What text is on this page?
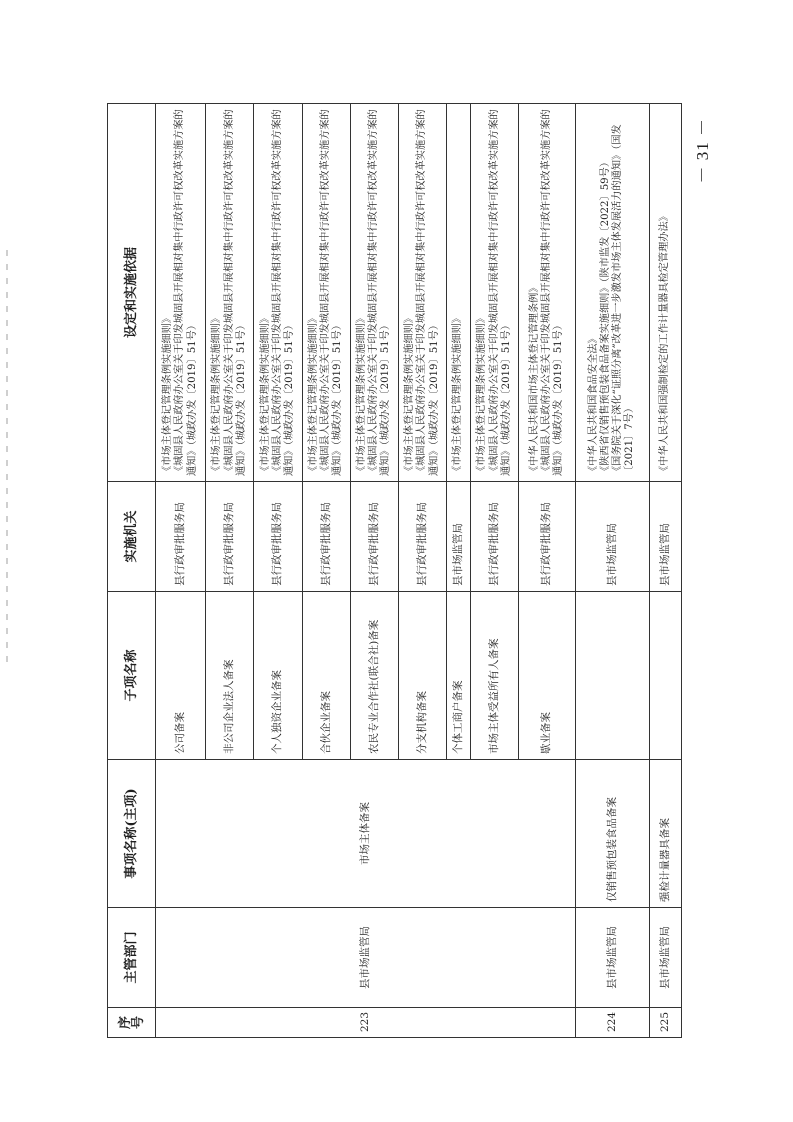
－ 31 －
序号	主管部门	事项名称(主项)	子项名称	实施机关	设定和实施依据
223	县市场监管局	市场主体备案	公司备案	县行政审批服务局	《市场主体登记管理条例实施细则》
《城固县人民政府办公室关于印发城固县开展相对集中行政许可权改革实施方案的通知》（城政办发〔2019〕51号）
			非公司企业法人备案	县行政审批服务局	《市场主体登记管理条例实施细则》
《城固县人民政府办公室关于印发城固县开展相对集中行政许可权改革实施方案的通知》（城政办发〔2019〕51号）
			个人独资企业备案	县行政审批服务局	《市场主体登记管理条例实施细则》
《城固县人民政府办公室关于印发城固县开展相对集中行政许可权改革实施方案的通知》（城政办发〔2019〕51号）
			合伙企业备案	县行政审批服务局	《市场主体登记管理条例实施细则》
《城固县人民政府办公室关于印发城固县开展相对集中行政许可权改革实施方案的通知》（城政办发〔2019〕51号）
			农民专业合作社(联合社)备案	县行政审批服务局	《市场主体登记管理条例实施细则》
《城固县人民政府办公室关于印发城固县开展相对集中行政许可权改革实施方案的通知》（城政办发〔2019〕51号）
			分支机构备案	县行政审批服务局	《市场主体登记管理条例实施细则》
《城固县人民政府办公室关于印发城固县开展相对集中行政许可权改革实施方案的通知》（城政办发〔2019〕51号）
			个体工商户备案	县市场监管局	《市场主体登记管理条例实施细则》
			市场主体受益所有人备案	县行政审批服务局	《市场主体登记管理条例实施细则》
《城固县人民政府办公室关于印发城固县开展相对集中行政许可权改革实施方案的通知》（城政办发〔2019〕51号）
			歇业备案	县行政审批服务局	《中华人民共和国市场主体登记管理条例》
《城固县人民政府办公室关于印发城固县开展相对集中行政许可权改革实施方案的通知》（城政办发〔2019〕51号）
224	县市场监管局	仅销售预包装食品备案		县市场监管局	《中华人民共和国食品安全法》
《陕西省仅销售预包装食品备案实施细则》（陕市监发〔2022〕59号）
《国务院关于深化“证照分离”改革进一步激发市场主体发展活力的通知》（国发〔2021〕7号）
225	县市场监管局	强检计量器具备案		县市场监管局	《中华人民共和国强制检定的工作计量器具检定管理办法》
